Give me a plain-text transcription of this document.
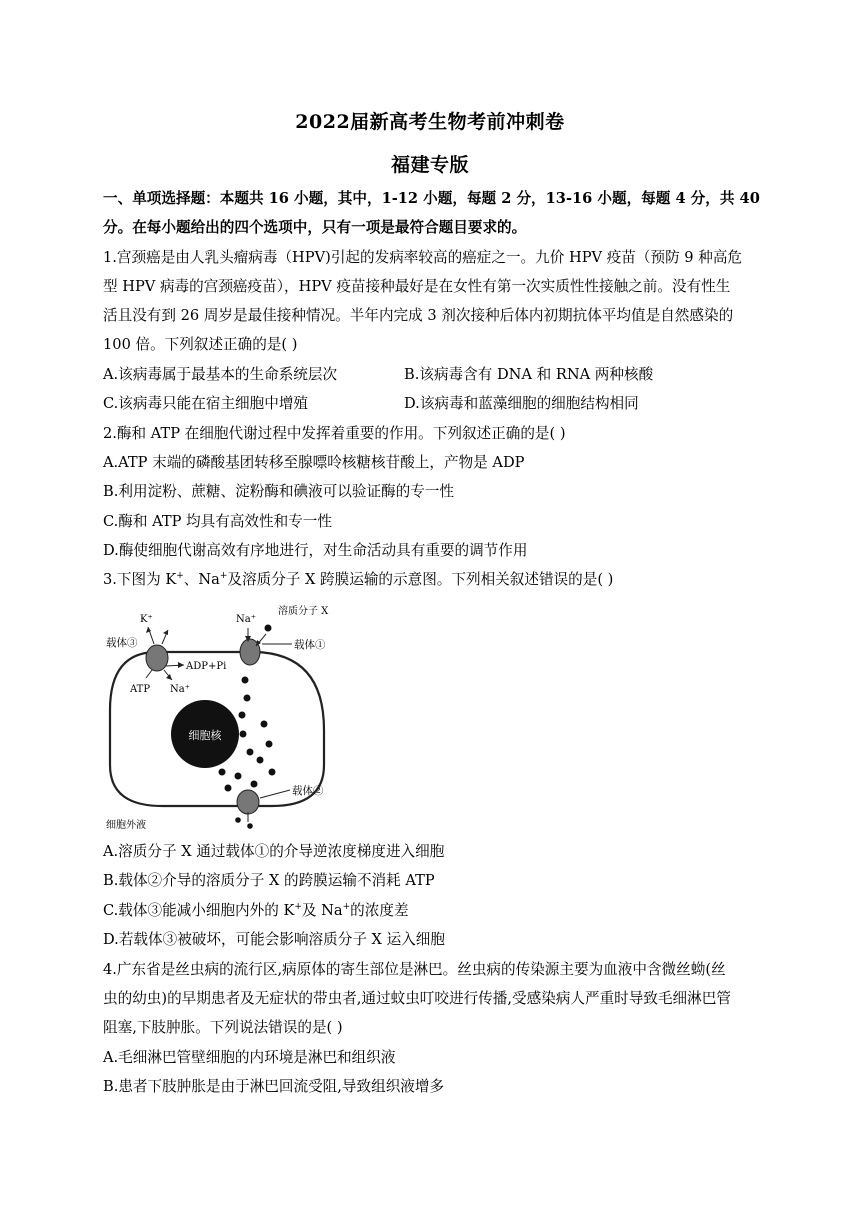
2022届新高考生物考前冲刺卷
福建专版
一、单项选择题：本题共 16 小题，其中，1-12 小题，每题 2 分，13-16 小题，每题 4 分，共 40
分。在每小题给出的四个选项中，只有一项是最符合题目要求的。
1.宫颈癌是由人乳头瘤病毒（HPV)引起的发病率较高的癌症之一。九价 HPV 疫苗（预防 9 种高危
型 HPV 病毒的宫颈癌疫苗），HPV 疫苗接种最好是在女性有第一次实质性性接触之前。没有性生
活且没有到 26 周岁是最佳接种情况。半年内完成 3 剂次接种后体内初期抗体平均值是自然感染的
100 倍。下列叙述正确的是( )
A.该病毒属于最基本的生命系统层次	B.该病毒含有 DNA 和 RNA 两种核酸
C.该病毒只能在宿主细胞中增殖	D.该病毒和蓝藻细胞的细胞结构相同
2.酶和 ATP 在细胞代谢过程中发挥着重要的作用。下列叙述正确的是( )
A.ATP 末端的磷酸基团转移至腺嘌呤核糖核苷酸上，产物是 ADP
B.利用淀粉、蔗糖、淀粉酶和碘液可以验证酶的专一性
C.酶和 ATP 均具有高效性和专一性
D.酶使细胞代谢高效有序地进行，对生命活动具有重要的调节作用
3.下图为 K+、Na+及溶质分子 X 跨膜运输的示意图。下列相关叙述错误的是( )
细胞核
载体③
K⁺
ADP+Pi
ATP Na⁺
Na⁺
溶质分子 X
载体①
载体②
细胞外液
A.溶质分子 X 通过载体①的介导逆浓度梯度进入细胞
B.载体②介导的溶质分子 X 的跨膜运输不消耗 ATP
C.载体③能减小细胞内外的 K+及 Na+的浓度差
D.若载体③被破坏，可能会影响溶质分子 X 运入细胞
4.广东省是丝虫病的流行区,病原体的寄生部位是淋巴。丝虫病的传染源主要为血液中含微丝蚴(丝
虫的幼虫)的早期患者及无症状的带虫者,通过蚊虫叮咬进行传播,受感染病人严重时导致毛细淋巴管
阻塞,下肢肿胀。下列说法错误的是( )
A.毛细淋巴管壁细胞的内环境是淋巴和组织液
B.患者下肢肿胀是由于淋巴回流受阻,导致组织液增多
